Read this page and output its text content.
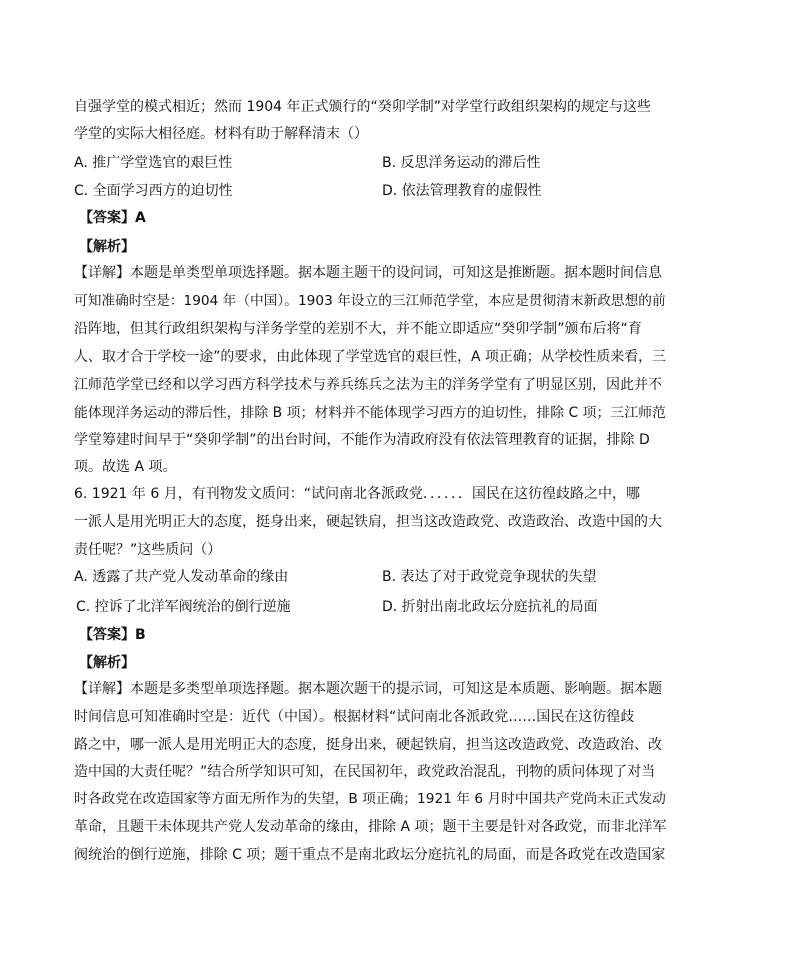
自强学堂的模式相近；然而 1904 年正式颁行的“癸卯学制”对学堂行政组织架构的规定与这些
学堂的实际大相径庭。材料有助于解释清末（）
A. 推广学堂选官的艰巨性	B. 反思洋务运动的滞后性
C. 全面学习西方的迫切性	D. 依法管理教育的虚假性
【答案】A
【解析】
【详解】本题是单类型单项选择题。据本题主题干的设问词，可知这是推断题。据本题时间信息
可知准确时空是：1904 年（中国）。1903 年设立的三江师范学堂，本应是贯彻清末新政思想的前
沿阵地，但其行政组织架构与洋务学堂的差别不大，并不能立即适应“癸卯学制”颁布后将“育
人、取才合于学校一途”的要求，由此体现了学堂选官的艰巨性，A 项正确；从学校性质来看，三
江师范学堂已经和以学习西方科学技术与养兵练兵之法为主的洋务学堂有了明显区别，因此并不
能体现洋务运动的滞后性，排除 B 项；材料并不能体现学习西方的迫切性，排除 C 项；三江师范
学堂筹建时间早于“癸卯学制”的出台时间，不能作为清政府没有依法管理教育的证据，排除 D
项。故选 A 项。
6. 1921 年 6 月，有刊物发文质问：“试问南北各派政党．．．．．．国民在这彷徨歧路之中，哪
一派人是用光明正大的态度，挺身出来，硬起铁肩，担当这改造政党、改造政治、改造中国的大
责任呢？”这些质问（）
A. 透露了共产党人发动革命的缘由	B. 表达了对于政党竞争现状的失望
C. 控诉了北洋军阀统治的倒行逆施	D. 折射出南北政坛分庭抗礼的局面
【答案】B
【解析】
【详解】本题是多类型单项选择题。据本题次题干的提示词，可知这是本质题、影响题。据本题
时间信息可知准确时空是：近代（中国）。根据材料“试问南北各派政党……国民在这彷徨歧
路之中，哪一派人是用光明正大的态度，挺身出来，硬起铁肩，担当这改造政党、改造政治、改
造中国的大责任呢？”结合所学知识可知，在民国初年，政党政治混乱，刊物的质问体现了对当
时各政党在改造国家等方面无所作为的失望，B 项正确；1921 年 6 月时中国共产党尚未正式发动
革命，且题干未体现共产党人发动革命的缘由，排除 A 项；题干主要是针对各政党，而非北洋军
阀统治的倒行逆施，排除 C 项；题干重点不是南北政坛分庭抗礼的局面，而是各政党在改造国家
